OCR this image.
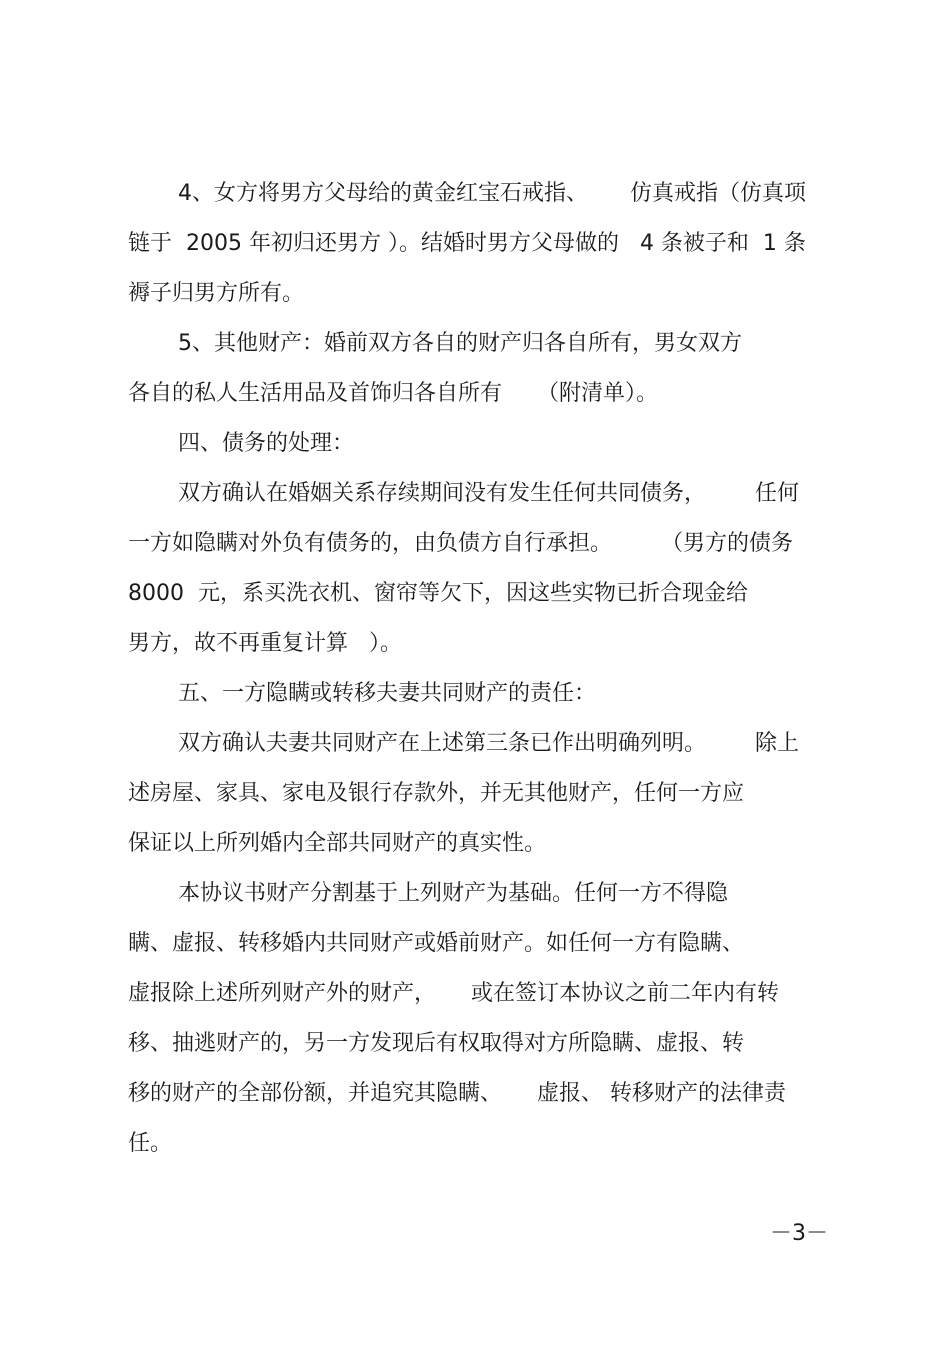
4、女方将男方父母给的黄金红宝石戒指、      仿真戒指（仿真项
链于  2005 年初归还男方 ）。结婚时男方父母做的   4 条被子和  1 条
褥子归男方所有。
5、其他财产：婚前双方各自的财产归各自所有，男女双方
各自的私人生活用品及首饰归各自所有     （附清单）。
四、债务的处理：
双方确认在婚姻关系存续期间没有发生任何共同债务，       任何
一方如隐瞒对外负有债务的，由负债方自行承担。       （男方的债务
8000  元，系买洗衣机、窗帘等欠下，因这些实物已折合现金给
男方，故不再重复计算   ）。
五、一方隐瞒或转移夫妻共同财产的责任：
双方确认夫妻共同财产在上述第三条已作出明确列明。       除上
述房屋、家具、家电及银行存款外，并无其他财产，任何一方应
保证以上所列婚内全部共同财产的真实性。
本协议书财产分割基于上列财产为基础。任何一方不得隐
瞒、虚报、转移婚内共同财产或婚前财产。如任何一方有隐瞒、
虚报除上述所列财产外的财产，     或在签订本协议之前二年内有转
移、抽逃财产的，另一方发现后有权取得对方所隐瞒、虚报、转
移的财产的全部份额，并追究其隐瞒、     虚报、 转移财产的法律责
任。
－3－
